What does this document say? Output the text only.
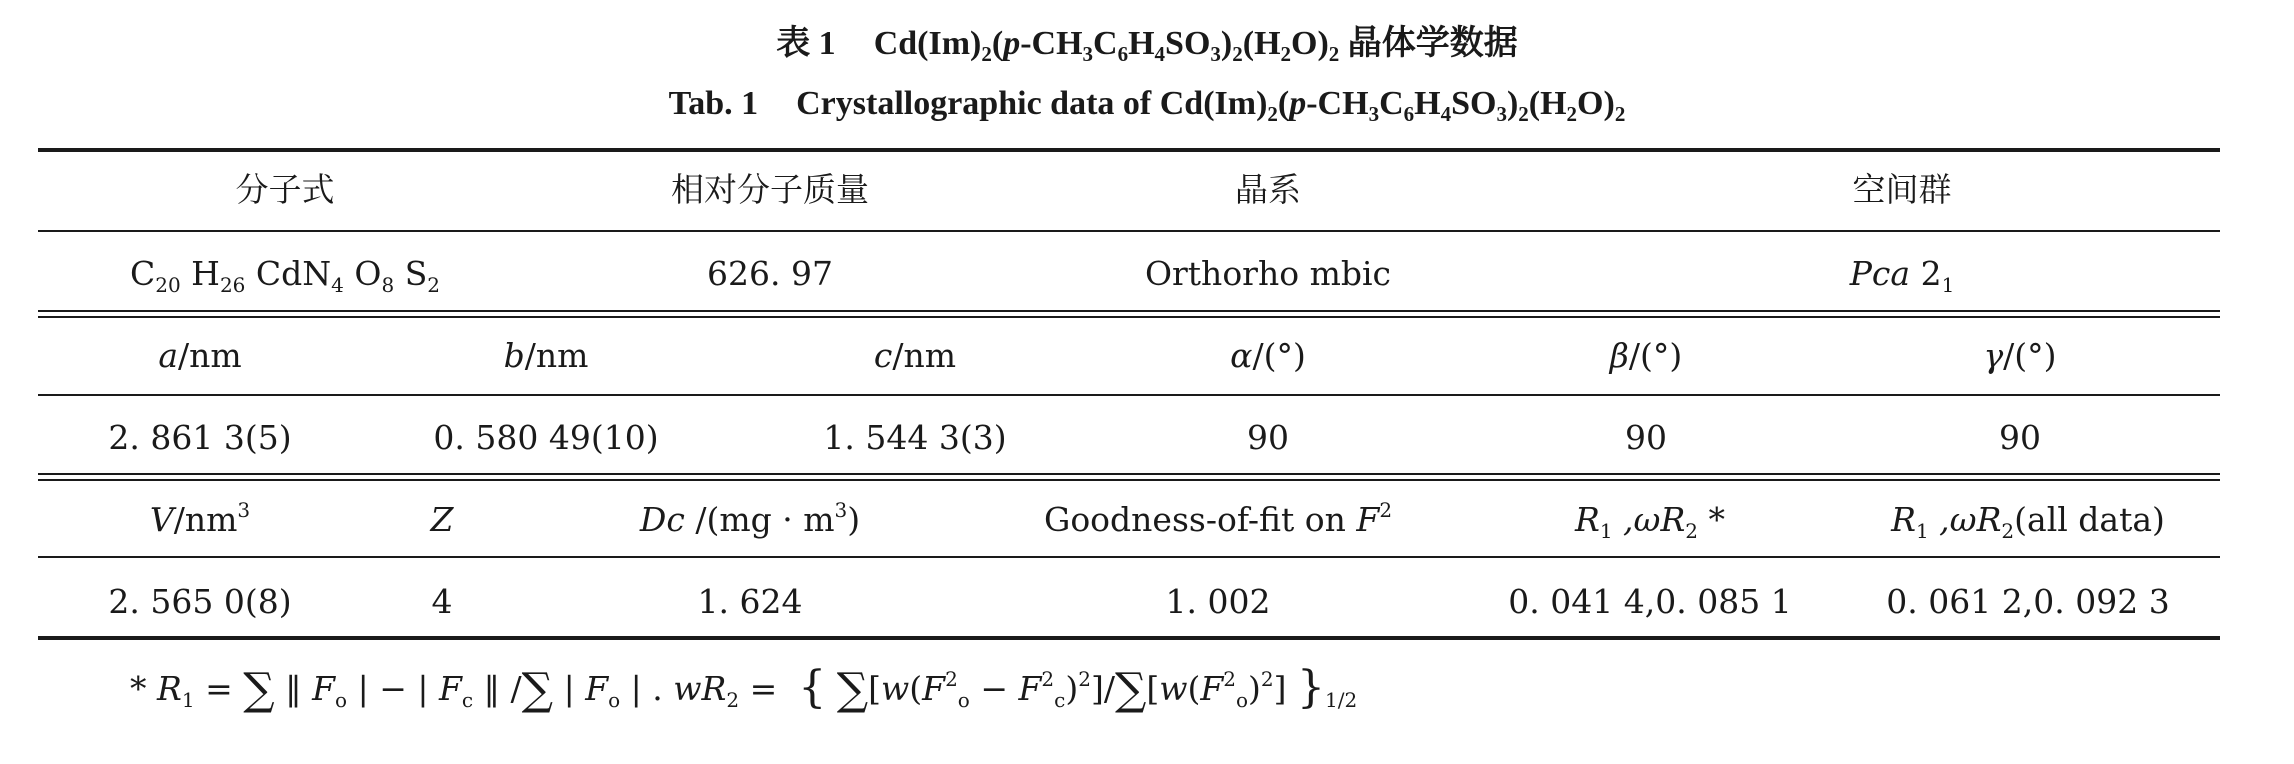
表 1 $Cd(Im)_2(p-CH_3C_6H_4SO_3)_2(H_2O)_2$ 晶体学数据
Tab. 1 Crystallographic data of $Cd(Im)_2(p-CH_3C_6H_4SO_3)_2(H_2O)_2$
分子式	相对分子质量	晶系	空间群
$C_{20}$ $H_{26}$ CdN$_4$ $O_8$ $S_2$	626. 97	Orthorho mbic	Pca $2_1$
a/nm	b/nm	c/nm	α/(°)	β/(°)	γ/(°)
2. 861 3(5)	0. 580 49(10)	1. 544 3(3)	90	90	90
$V/nm^3$	Z	Dc $/(mg \cdot m^3)$	Goodness-of-fit on $F^2$	$R_1$ $,\omega R_2$ *	$R_1$ $,\omega R_2(all$ data)
2. 565 0(8)	4	1. 624	1. 002	0. 041 4,0. 085 1	0. 061 2,0. 092 3
* $R_1$ = ∑ ‖ $F_o$ | − | $F_c$ ‖ /∑ | $F_o$ | . $wR_2$ =  { $\sum[w(F^2_o - F^2_c)^2]/\sum[w(F^2_o)^2]$ }$_{1/2}$
